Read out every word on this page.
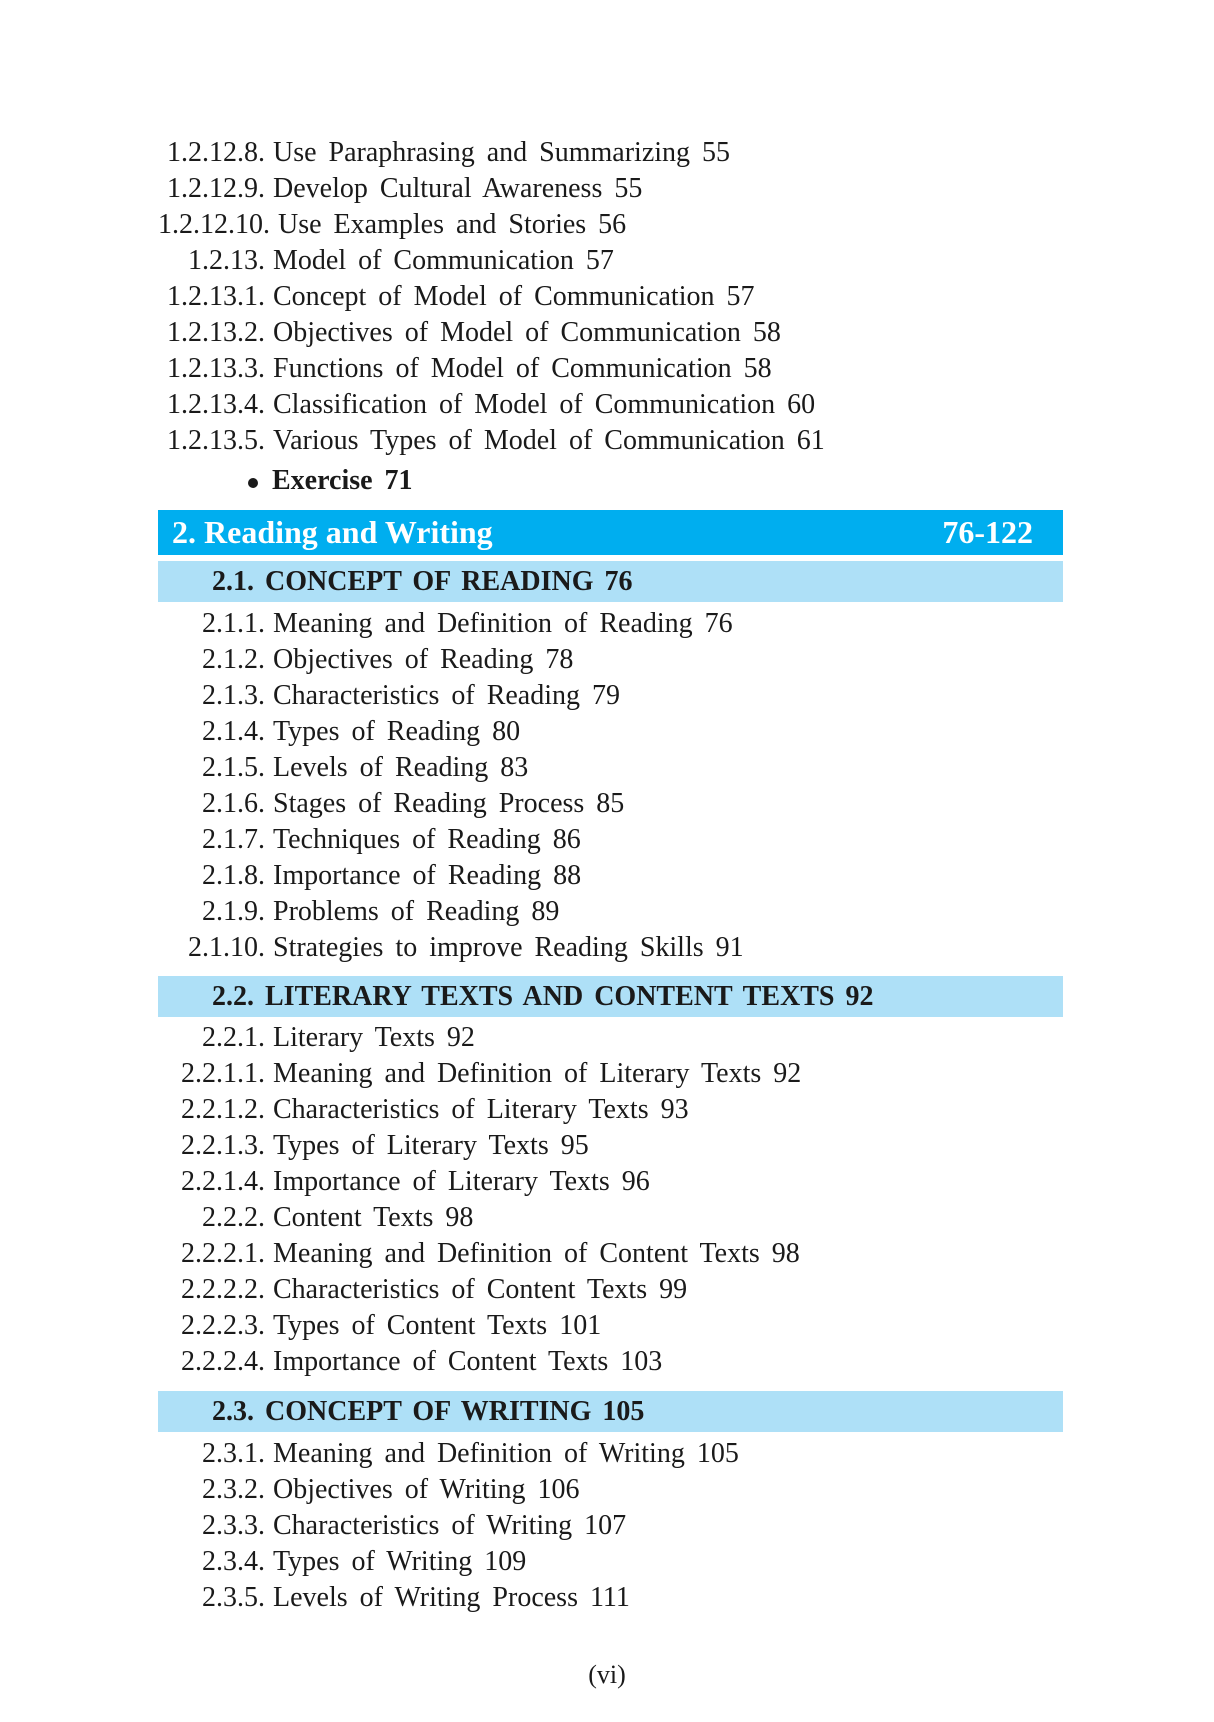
1.2.12.8. Use Paraphrasing and Summarizing 55
1.2.12.9. Develop Cultural Awareness 55
1.2.12.10. Use Examples and Stories 56
1.2.13. Model of Communication 57
1.2.13.1. Concept of Model of Communication 57
1.2.13.2. Objectives of Model of Communication 58
1.2.13.3. Functions of Model of Communication 58
1.2.13.4. Classification of Model of Communication 60
1.2.13.5. Various Types of Model of Communication 61
Exercise 71
2. Reading and Writing	76-122
2.1. CONCEPT OF READING 76
2.1.1. Meaning and Definition of Reading 76
2.1.2. Objectives of Reading 78
2.1.3. Characteristics of Reading 79
2.1.4. Types of Reading 80
2.1.5. Levels of Reading 83
2.1.6. Stages of Reading Process 85
2.1.7. Techniques of Reading 86
2.1.8. Importance of Reading 88
2.1.9. Problems of Reading 89
2.1.10. Strategies to improve Reading Skills 91
2.2. LITERARY TEXTS AND CONTENT TEXTS 92
2.2.1. Literary Texts 92
2.2.1.1. Meaning and Definition of Literary Texts 92
2.2.1.2. Characteristics of Literary Texts 93
2.2.1.3. Types of Literary Texts 95
2.2.1.4. Importance of Literary Texts 96
2.2.2. Content Texts 98
2.2.2.1. Meaning and Definition of Content Texts 98
2.2.2.2. Characteristics of Content Texts 99
2.2.2.3. Types of Content Texts 101
2.2.2.4. Importance of Content Texts 103
2.3. CONCEPT OF WRITING 105
2.3.1. Meaning and Definition of Writing 105
2.3.2. Objectives of Writing 106
2.3.3. Characteristics of Writing 107
2.3.4. Types of Writing 109
2.3.5. Levels of Writing Process 111
(vi)
